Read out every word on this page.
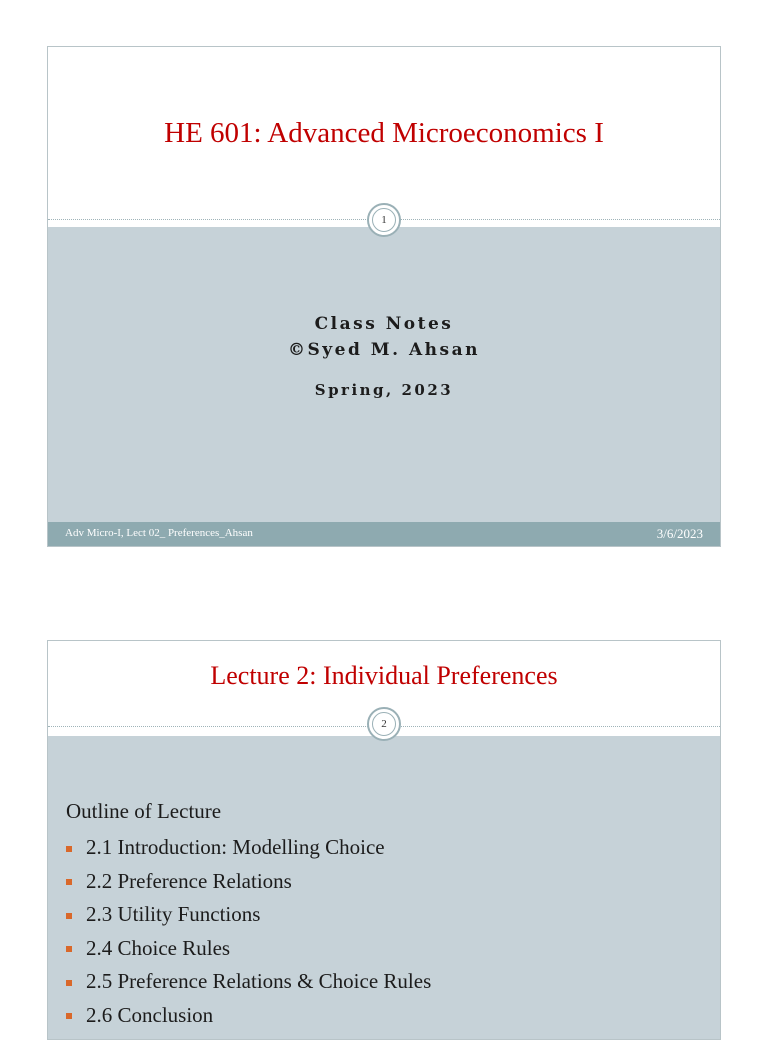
HE 601: Advanced Microeconomics I
1
Class Notes
©Syed M. Ahsan
Spring, 2023
Adv Micro-I, Lect 02_ Preferences_Ahsan	3/6/2023
Lecture 2: Individual Preferences
2
Outline of Lecture
2.1 Introduction: Modelling Choice
2.2 Preference Relations
2.3 Utility Functions
2.4 Choice Rules
2.5 Preference Relations & Choice Rules
2.6 Conclusion
